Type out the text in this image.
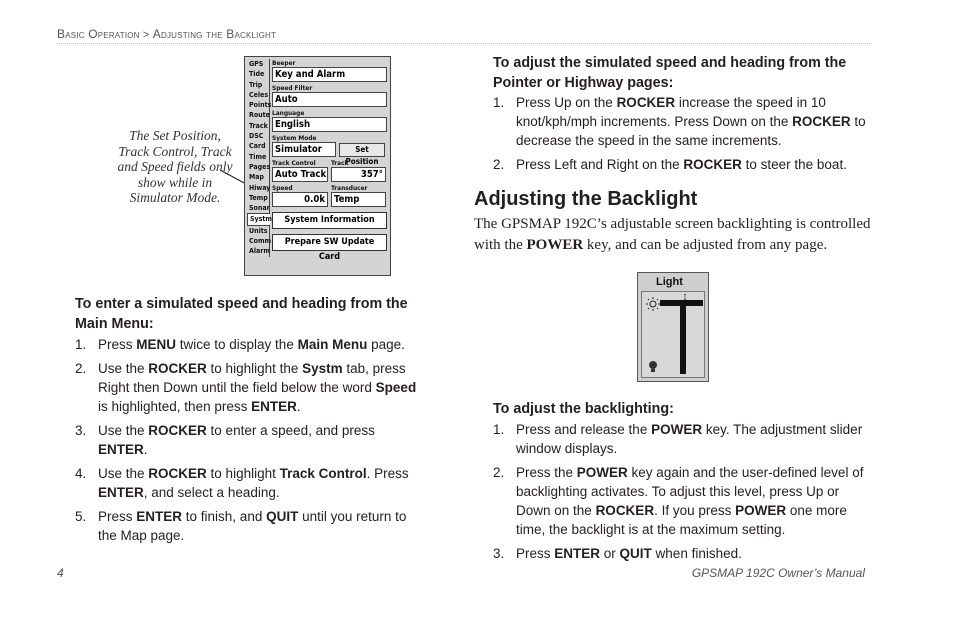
Basic Operation > Adjusting the Backlight
The Set Position, Track Control, Track and Speed fields only show while in Simulator Mode.
GPS
Tide
Trip
Celes
Points
Route
Track
DSC
Card
Time
Pages
Map
Hiway
Temp
Sonar
Systm
Units
Comm
Alarm
Beeper
Key and Alarm
Speed Filter
Auto
Language
English
System Mode
Simulator	Set Position
Track Control
Auto Track
Track
357°
Speed
0.0k
Transducer
Temp
System Information
Prepare SW Update Card
To enter a simulated speed and heading from the Main Menu:
1. Press MENU twice to display the Main Menu page.
2. Use the ROCKER to highlight the Systm tab, press Right then Down until the field below the word Speed is highlighted, then press ENTER.
3. Use the ROCKER to enter a speed, and press ENTER.
4. Use the ROCKER to highlight Track Control. Press ENTER, and select a heading.
5. Press ENTER to finish, and QUIT until you return to the Map page.
To adjust the simulated speed and heading from the Pointer or Highway pages:
1. Press Up on the ROCKER increase the speed in 10 knot/kph/mph increments. Press Down on the ROCKER to decrease the speed in the same increments.
2. Press Left and Right on the ROCKER to steer the boat.
Adjusting the Backlight
The GPSMAP 192C’s adjustable screen backlighting is controlled with the POWER key, and can be adjusted from any page.
Light
To adjust the backlighting:
1. Press and release the POWER key. The adjustment slider window displays.
2. Press the POWER key again and the user-defined level of backlighting activates. To adjust this level, press Up or Down on the ROCKER. If you press POWER one more time, the backlight is at the maximum setting.
3. Press ENTER or QUIT when finished.
4	GPSMAP 192C Owner’s Manual
